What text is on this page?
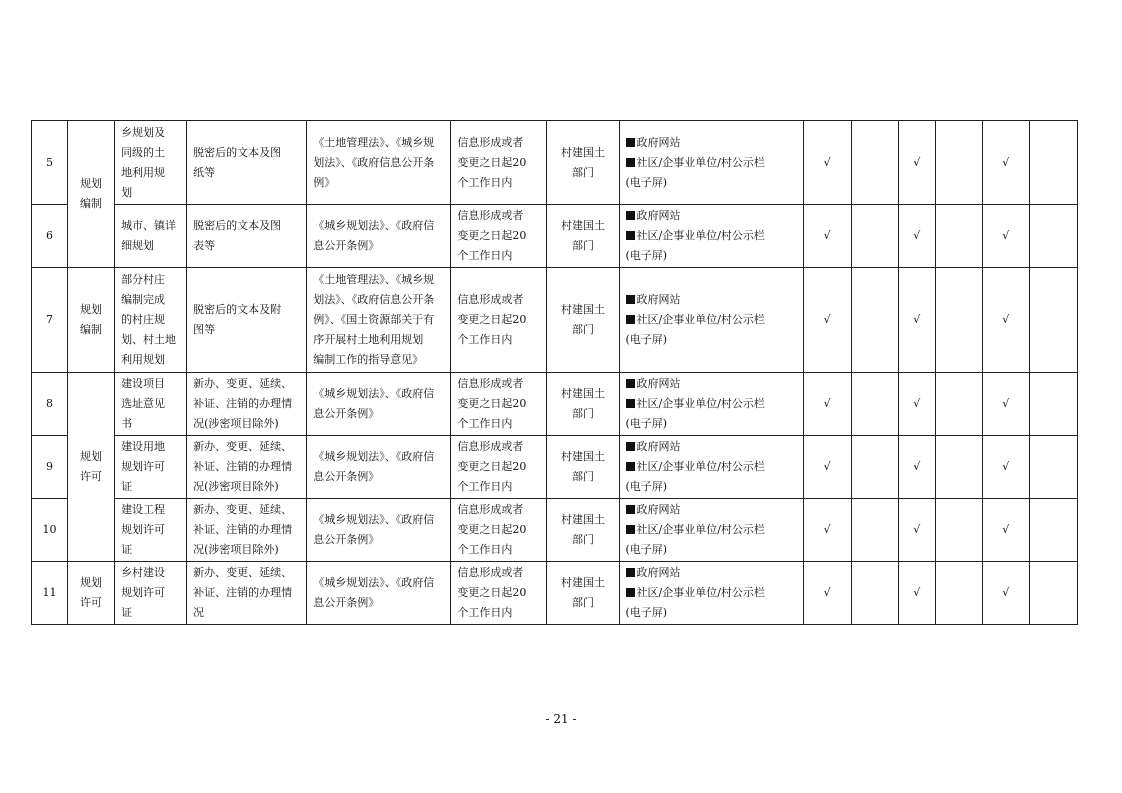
5	规划
编制	乡规划及
同级的土
地利用规
划	脱密后的文本及图
纸等	《土地管理法》、《城乡规
划法》、《政府信息公开条
例》	信息形成或者
变更之日起20
个工作日内	村建国土
部门	政府网站
社区/企事业单位/村公示栏
(电子屏)	√		√		√	
6		城市、镇详
细规划	脱密后的文本及图
表等	《城乡规划法》、《政府信
息公开条例》	信息形成或者
变更之日起20
个工作日内	村建国土
部门	政府网站
社区/企事业单位/村公示栏
(电子屏)	√		√		√	
7	规划
编制	部分村庄
编制完成
的村庄规
划、村土地
利用规划	脱密后的文本及附
图等	《土地管理法》、《城乡规
划法》、《政府信息公开条
例》、《国土资源部关于有
序开展村土地利用规划
编制工作的指导意见》	信息形成或者
变更之日起20
个工作日内	村建国土
部门	政府网站
社区/企事业单位/村公示栏
(电子屏)	√		√		√	
8	规划
许可	建设项目
选址意见
书	新办、变更、延续、
补证、注销的办理情
况(涉密项目除外)	《城乡规划法》、《政府信
息公开条例》	信息形成或者
变更之日起20
个工作日内	村建国土
部门	政府网站
社区/企事业单位/村公示栏
(电子屏)	√		√		√	
9		建设用地
规划许可
证	新办、变更、延续、
补证、注销的办理情
况(涉密项目除外)	《城乡规划法》、《政府信
息公开条例》	信息形成或者
变更之日起20
个工作日内	村建国土
部门	政府网站
社区/企事业单位/村公示栏
(电子屏)	√		√		√	
10		建设工程
规划许可
证	新办、变更、延续、
补证、注销的办理情
况(涉密项目除外)	《城乡规划法》、《政府信
息公开条例》	信息形成或者
变更之日起20
个工作日内	村建国土
部门	政府网站
社区/企事业单位/村公示栏
(电子屏)	√		√		√	
11	规划
许可	乡村建设
规划许可
证	新办、变更、延续、
补证、注销的办理情
况	《城乡规划法》、《政府信
息公开条例》	信息形成或者
变更之日起20
个工作日内	村建国土
部门	政府网站
社区/企事业单位/村公示栏
(电子屏)	√		√		√	
- 21 -
